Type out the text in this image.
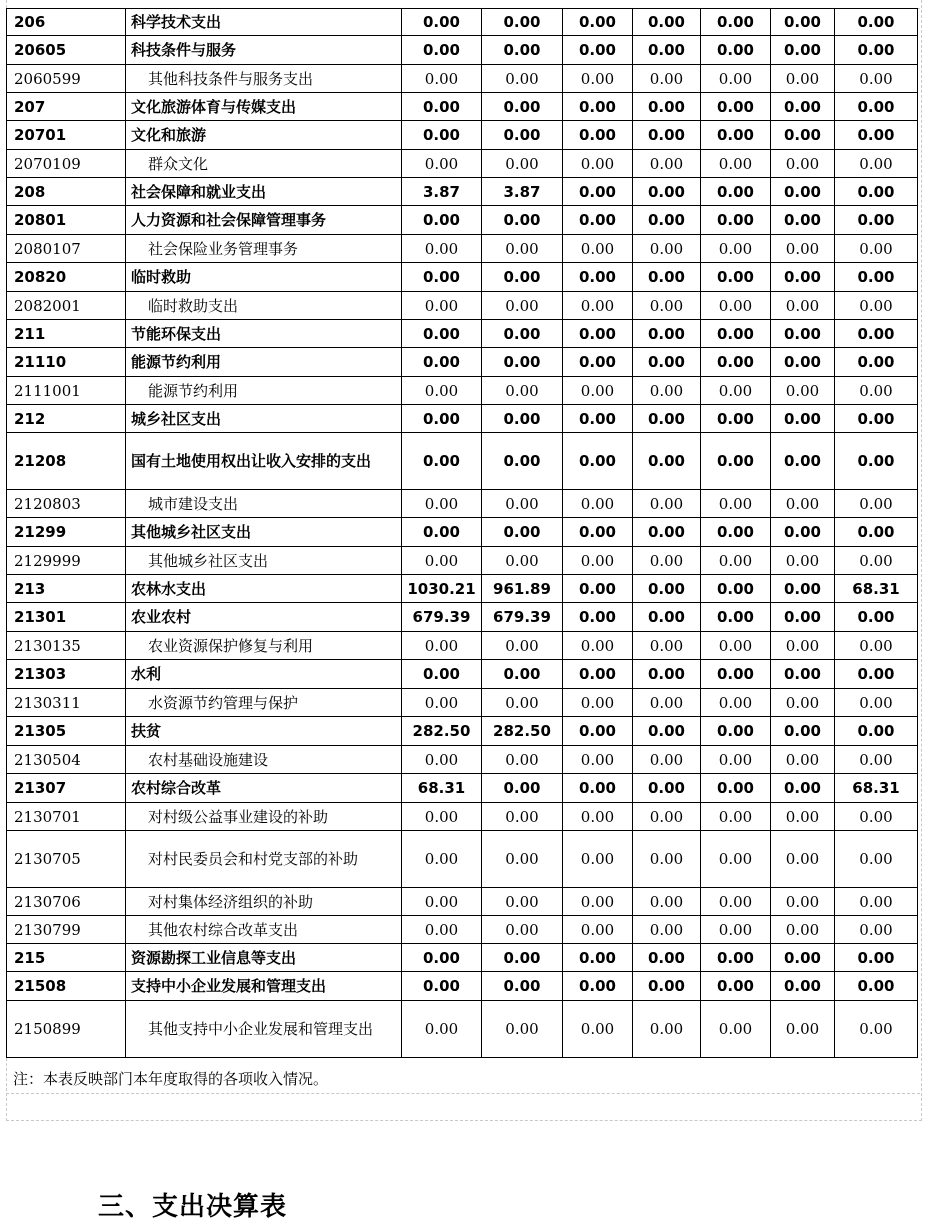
206	科学技术支出	0.00	0.00	0.00	0.00	0.00	0.00	0.00
20605	科技条件与服务	0.00	0.00	0.00	0.00	0.00	0.00	0.00
2060599	其他科技条件与服务支出	0.00	0.00	0.00	0.00	0.00	0.00	0.00
207	文化旅游体育与传媒支出	0.00	0.00	0.00	0.00	0.00	0.00	0.00
20701	文化和旅游	0.00	0.00	0.00	0.00	0.00	0.00	0.00
2070109	群众文化	0.00	0.00	0.00	0.00	0.00	0.00	0.00
208	社会保障和就业支出	3.87	3.87	0.00	0.00	0.00	0.00	0.00
20801	人力资源和社会保障管理事务	0.00	0.00	0.00	0.00	0.00	0.00	0.00
2080107	社会保险业务管理事务	0.00	0.00	0.00	0.00	0.00	0.00	0.00
20820	临时救助	0.00	0.00	0.00	0.00	0.00	0.00	0.00
2082001	临时救助支出	0.00	0.00	0.00	0.00	0.00	0.00	0.00
211	节能环保支出	0.00	0.00	0.00	0.00	0.00	0.00	0.00
21110	能源节约利用	0.00	0.00	0.00	0.00	0.00	0.00	0.00
2111001	能源节约利用	0.00	0.00	0.00	0.00	0.00	0.00	0.00
212	城乡社区支出	0.00	0.00	0.00	0.00	0.00	0.00	0.00
21208	国有土地使用权出让收入安排的支出	0.00	0.00	0.00	0.00	0.00	0.00	0.00
2120803	城市建设支出	0.00	0.00	0.00	0.00	0.00	0.00	0.00
21299	其他城乡社区支出	0.00	0.00	0.00	0.00	0.00	0.00	0.00
2129999	其他城乡社区支出	0.00	0.00	0.00	0.00	0.00	0.00	0.00
213	农林水支出	1030.21	961.89	0.00	0.00	0.00	0.00	68.31
21301	农业农村	679.39	679.39	0.00	0.00	0.00	0.00	0.00
2130135	农业资源保护修复与利用	0.00	0.00	0.00	0.00	0.00	0.00	0.00
21303	水利	0.00	0.00	0.00	0.00	0.00	0.00	0.00
2130311	水资源节约管理与保护	0.00	0.00	0.00	0.00	0.00	0.00	0.00
21305	扶贫	282.50	282.50	0.00	0.00	0.00	0.00	0.00
2130504	农村基础设施建设	0.00	0.00	0.00	0.00	0.00	0.00	0.00
21307	农村综合改革	68.31	0.00	0.00	0.00	0.00	0.00	68.31
2130701	对村级公益事业建设的补助	0.00	0.00	0.00	0.00	0.00	0.00	0.00
2130705	对村民委员会和村党支部的补助	0.00	0.00	0.00	0.00	0.00	0.00	0.00
2130706	对村集体经济组织的补助	0.00	0.00	0.00	0.00	0.00	0.00	0.00
2130799	其他农村综合改革支出	0.00	0.00	0.00	0.00	0.00	0.00	0.00
215	资源勘探工业信息等支出	0.00	0.00	0.00	0.00	0.00	0.00	0.00
21508	支持中小企业发展和管理支出	0.00	0.00	0.00	0.00	0.00	0.00	0.00
2150899	其他支持中小企业发展和管理支出	0.00	0.00	0.00	0.00	0.00	0.00	0.00
注：本表反映部门本年度取得的各项收入情况。
三、支出决算表
